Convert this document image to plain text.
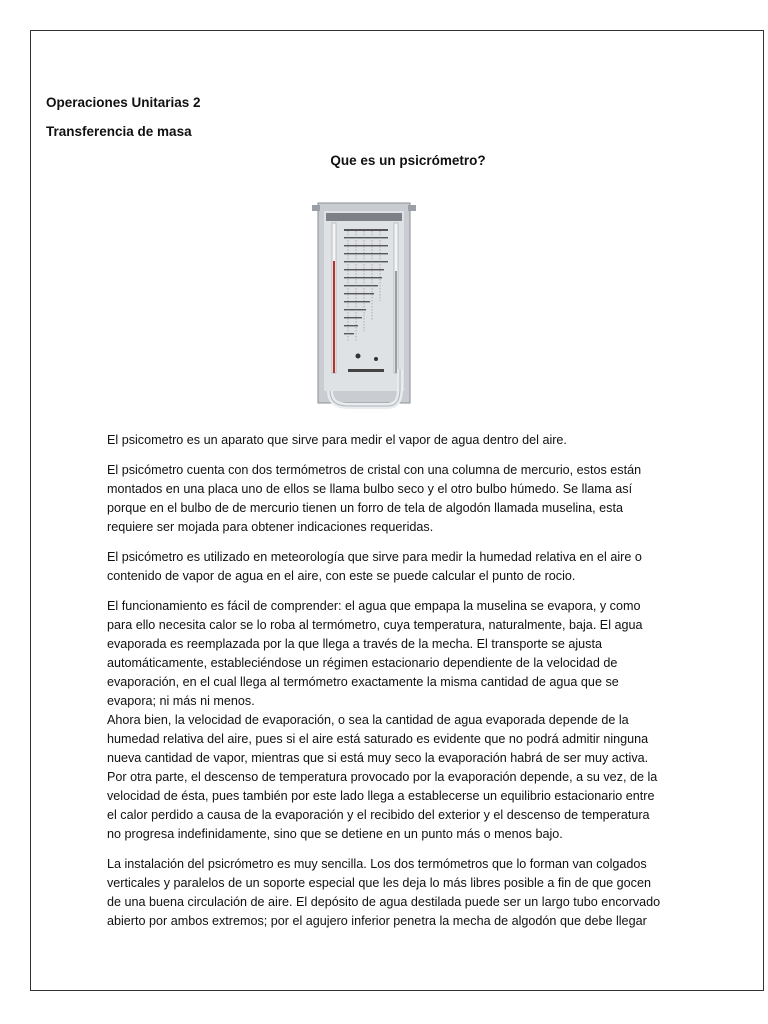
Operaciones Unitarias 2
Transferencia de masa
Que es un psicrómetro?

El psicometro es un aparato que sirve para medir el vapor de agua dentro del aire.

El psicómetro cuenta con dos termómetros de cristal con una columna de mercurio, estos están montados en una placa uno de ellos se llama bulbo seco y el otro bulbo húmedo. Se llama así porque en el bulbo de de mercurio tienen un forro de tela de algodón llamada muselina, esta requiere ser mojada para obtener indicaciones requeridas.

El psicómetro es utilizado en meteorología que sirve para medir la humedad relativa en el aire o contenido de vapor de agua en el aire, con este se puede calcular el punto de rocio.

El funcionamiento es fácil de comprender: el agua que empapa la muselina se evapora, y como para ello necesita calor se lo roba al termómetro, cuya temperatura, naturalmente, baja. El agua evaporada es reemplazada por la que llega a través de la mecha. El transporte se ajusta automáticamente, estableciéndose un régimen estacionario dependiente de la velocidad de evaporación, en el cual llega al termómetro exactamente la misma cantidad de agua que se evapora; ni más ni menos.

Ahora bien, la velocidad de evaporación, o sea la cantidad de agua evaporada depende de la humedad relativa del aire, pues si el aire está saturado es evidente que no podrá admitir ninguna nueva cantidad de vapor, mientras que si está muy seco la evaporación habrá de ser muy activa. Por otra parte, el descenso de temperatura provocado por la evaporación depende, a su vez, de la velocidad de ésta, pues también por este lado llega a establecerse un equilibrio estacionario entre el calor perdido a causa de la evaporación y el recibido del exterior y el descenso de temperatura no progresa indefinidamente, sino que se detiene en un punto más o menos bajo.

La instalación del psicrómetro es muy sencilla. Los dos termómetros que lo forman van colgados verticales y paralelos de un soporte especial que les deja lo más libres posible a fin de que gocen de una buena circulación de aire. El depósito de agua destilada puede ser un largo tubo encorvado abierto por ambos extremos; por el agujero inferior penetra la mecha de algodón que debe llegar
